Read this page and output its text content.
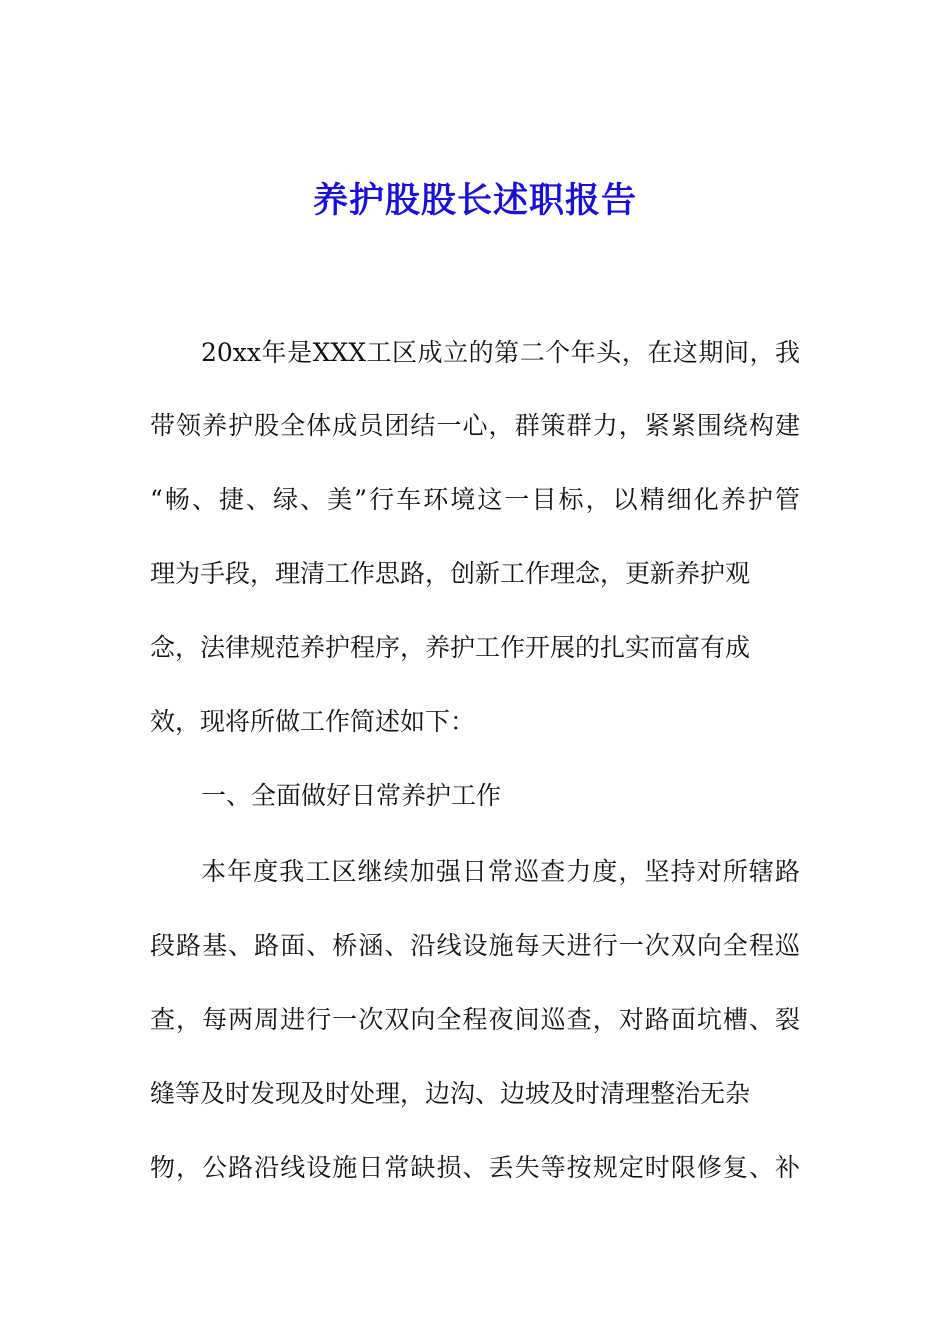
养护股股长述职报告

20xx年是XXX工区成立的第二个年头，在这期间，我

带领养护股全体成员团结一心，群策群力，紧紧围绕构建

“畅、捷、绿、美”行车环境这一目标，以精细化养护管

理为手段，理清工作思路，创新工作理念，更新养护观

念，法律规范养护程序，养护工作开展的扎实而富有成

效，现将所做工作简述如下：

一、全面做好日常养护工作

本年度我工区继续加强日常巡查力度，坚持对所辖路

段路基、路面、桥涵、沿线设施每天进行一次双向全程巡

查，每两周进行一次双向全程夜间巡查，对路面坑槽、裂

缝等及时发现及时处理，边沟、边坡及时清理整治无杂

物，公路沿线设施日常缺损、丢失等按规定时限修复、补
